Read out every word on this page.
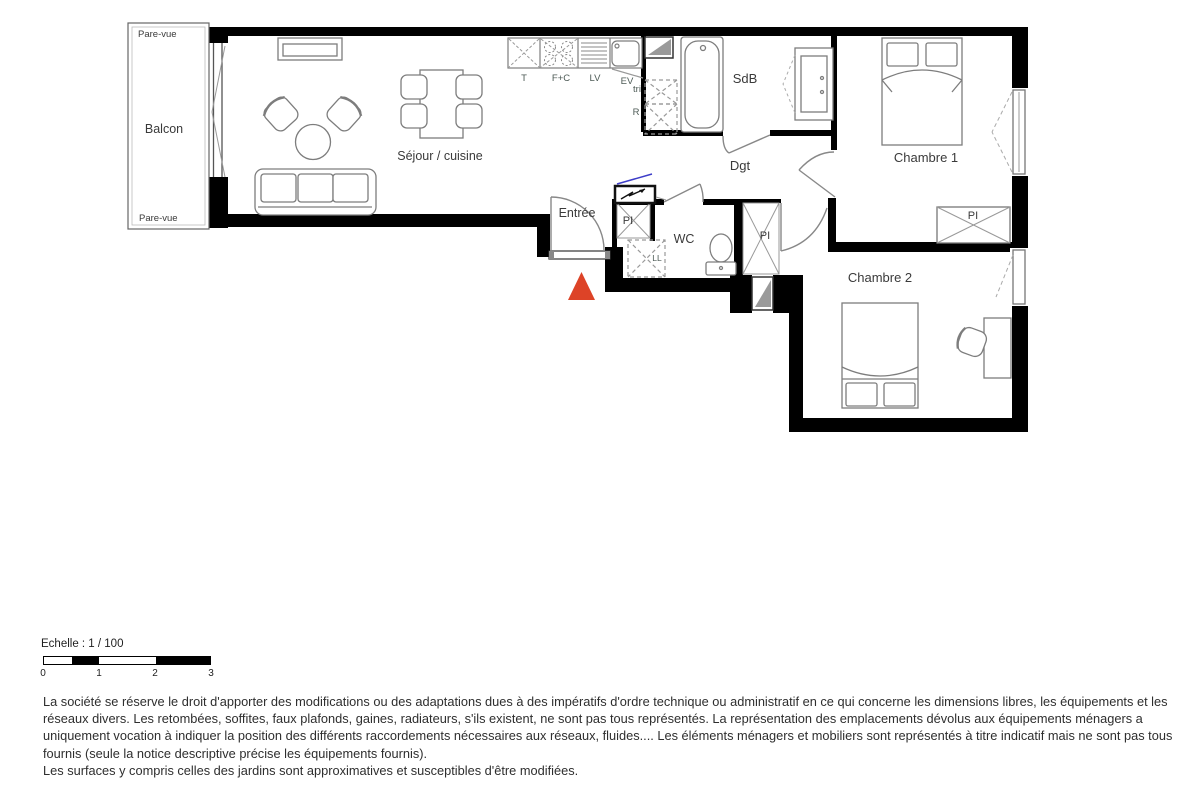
Pare-vue
Pare-vue
Balcon
Séjour / cuisine
SdB
Dgt
Chambre 1
Chambre 2
Entrée
WC
PI
PI
PI
T	F+C LV EV
tri
R
LL
Echelle : 1 / 100
0	1	2	3
La société se réserve le droit d'apporter des modifications ou des adaptations dues à des impératifs d'ordre technique ou administratif en ce qui concerne les dimensions libres, les équipements et les réseaux divers. Les retombées, soffites, faux plafonds, gaines, radiateurs, s'ils existent, ne sont pas tous représentés. La représentation des emplacements dévolus aux équipements ménagers a uniquement vocation à indiquer la position des différents raccordements nécessaires aux réseaux, fluides.... Les éléments ménagers et mobiliers sont représentés à titre indicatif mais ne sont pas tous fournis (seule la notice descriptive précise les équipements fournis).
Les surfaces y compris celles des jardins sont approximatives et susceptibles d'être modifiées.
